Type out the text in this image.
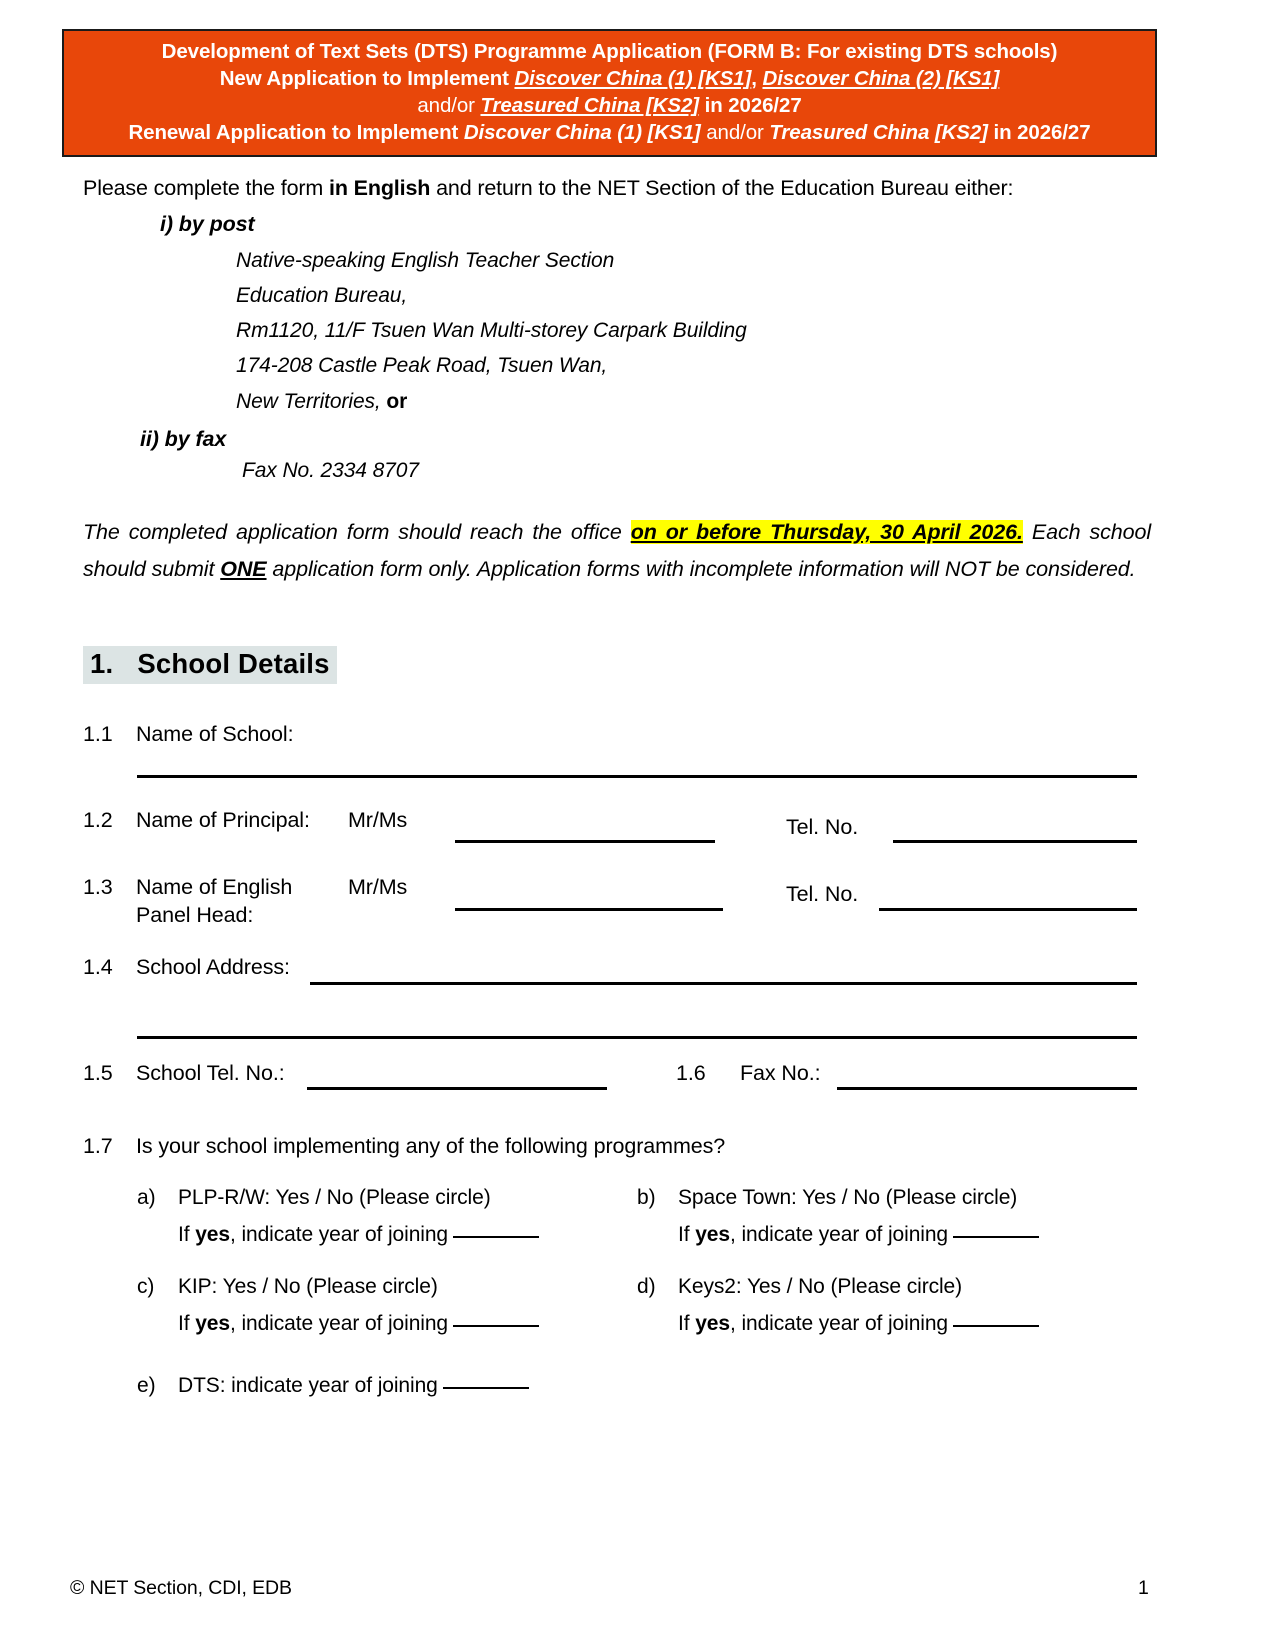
Development of Text Sets (DTS) Programme Application (FORM B: For existing DTS schools)
New Application to Implement Discover China (1) [KS1], Discover China (2) [KS1]
and/or Treasured China [KS2] in 2026/27
Renewal Application to Implement Discover China (1) [KS1] and/or Treasured China [KS2] in 2026/27
Please complete the form in English and return to the NET Section of the Education Bureau either:
i) by post
Native-speaking English Teacher Section
Education Bureau,
Rm1120, 11/F Tsuen Wan Multi-storey Carpark Building
174-208 Castle Peak Road, Tsuen Wan,
New Territories, or
ii) by fax
Fax No. 2334 8707
The completed application form should reach the office on or before Thursday, 30 April 2026. Each school should submit ONE application form only. Application forms with incomplete information will NOT be considered.
1. School Details
1.1 Name of School:
1.2 Name of Principal: Mr/Ms	Tel. No.
1.3 Name of English
Panel Head:
Mr/Ms	Tel. No.
1.4 School Address:
1.5 School Tel. No.:	1.6 Fax No.:
1.7 Is your school implementing any of the following programmes?
a) PLP-R/W: Yes / No (Please circle)
If yes, indicate year of joining
b) Space Town: Yes / No (Please circle)
If yes, indicate year of joining
c) KIP: Yes / No (Please circle)
If yes, indicate year of joining
d) Keys2: Yes / No (Please circle)
If yes, indicate year of joining
e) DTS: indicate year of joining
© NET Section, CDI, EDB	1
